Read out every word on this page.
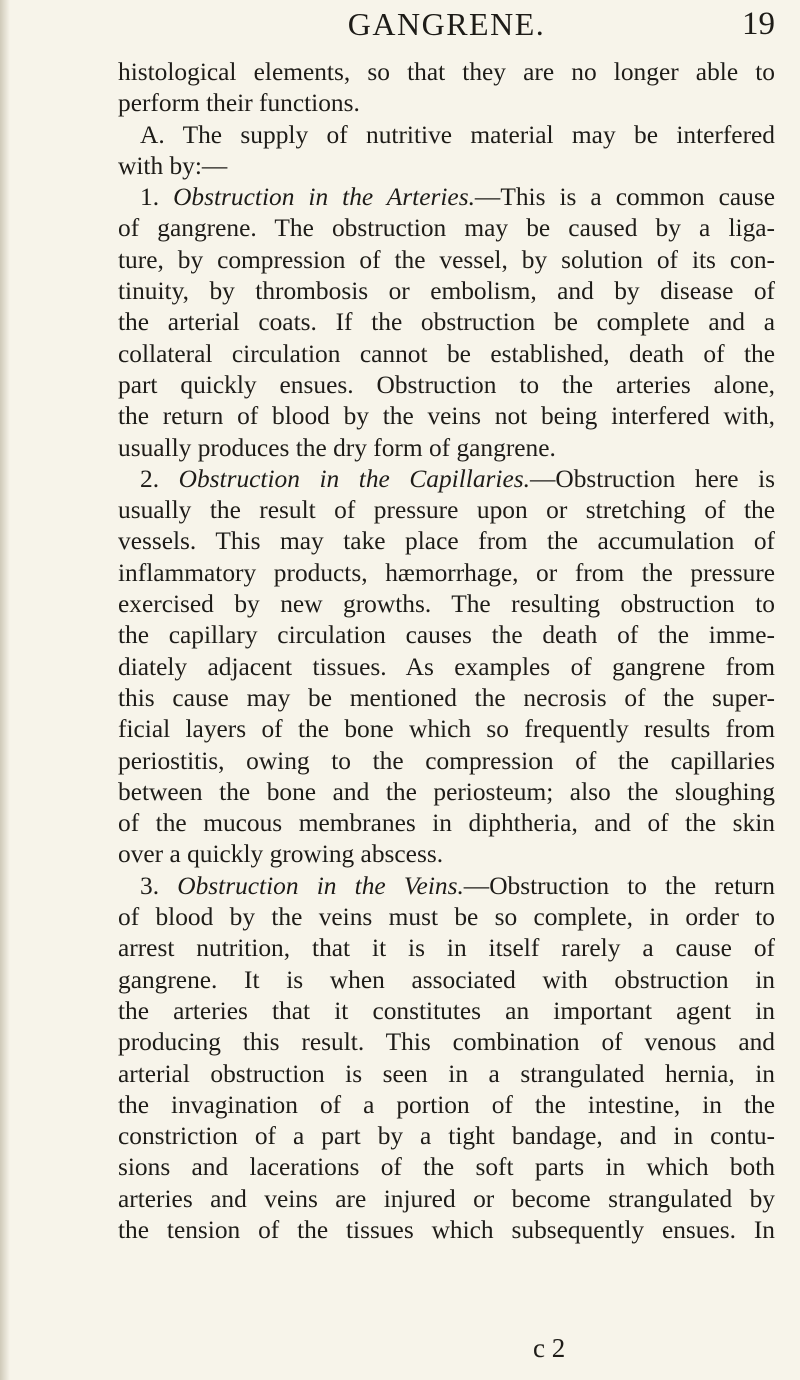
GANGRENE.	19
histological elements, so that they are no longer able to
perform their functions.
A. The supply of nutritive material may be interfered
with by:—
1. Obstruction in the Arteries.—This is a common cause
of gangrene. The obstruction may be caused by a liga-
ture, by compression of the vessel, by solution of its con-
tinuity, by thrombosis or embolism, and by disease of
the arterial coats. If the obstruction be complete and a
collateral circulation cannot be established, death of the
part quickly ensues. Obstruction to the arteries alone,
the return of blood by the veins not being interfered with,
usually produces the dry form of gangrene.
2. Obstruction in the Capillaries.—Obstruction here is
usually the result of pressure upon or stretching of the
vessels. This may take place from the accumulation of
inflammatory products, hæmorrhage, or from the pressure
exercised by new growths. The resulting obstruction to
the capillary circulation causes the death of the imme-
diately adjacent tissues. As examples of gangrene from
this cause may be mentioned the necrosis of the super-
ficial layers of the bone which so frequently results from
periostitis, owing to the compression of the capillaries
between the bone and the periosteum; also the sloughing
of the mucous membranes in diphtheria, and of the skin
over a quickly growing abscess.
3. Obstruction in the Veins.—Obstruction to the return
of blood by the veins must be so complete, in order to
arrest nutrition, that it is in itself rarely a cause of
gangrene. It is when associated with obstruction in
the arteries that it constitutes an important agent in
producing this result. This combination of venous and
arterial obstruction is seen in a strangulated hernia, in
the invagination of a portion of the intestine, in the
constriction of a part by a tight bandage, and in contu-
sions and lacerations of the soft parts in which both
arteries and veins are injured or become strangulated by
the tension of the tissues which subsequently ensues. In
c 2
